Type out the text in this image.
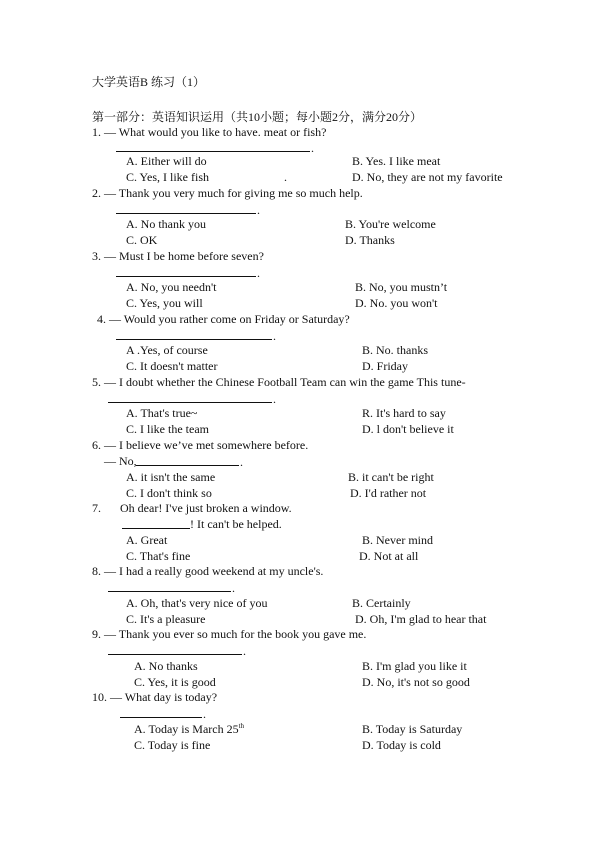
大学英语B 练习（1）
第一部分：英语知识运用（共10小题；每小题2分，满分20分）
1. — What would you like to have. meat or fish?
.
A. Either will do	B. Yes. I like meat
C. Yes, I like fish	.	D. No, they are not my favorite
2. — Thank you very much for giving me so much help.
.
A. No thank you	B. You're welcome
C. OK	D. Thanks
3. — Must I be home before seven?
.
A. No, you needn't	B. No, you mustn’t
C. Yes, you will	D. No. you won't
4. — Would you rather come on Friday or Saturday?
.
A .Yes, of course	B. No. thanks
C. It doesn't matter	D. Friday
5. — I doubt whether the Chinese Football Team can win the game This tune-
.
A. That's true~	R. It's hard to say
C. I like the team	D. l don't believe it
6. — I believe we’ve met somewhere before.
— No,	.
A. it isn't the same	B. it can't be right
C. I don't think so	D. I'd rather not
7. Oh dear! I've just broken a window.
! It can't be helped.
A. Great	B. Never mind
C. That's fine	D. Not at all
8. — I had a really good weekend at my uncle's.
.
A. Oh, that's very nice of you	B. Certainly
C. It's a pleasure	D. Oh, I'm glad to hear that
9. — Thank you ever so much for the book you gave me.
.
A. No thanks	B. I'm glad you like it
C. Yes, it is good	D. No, it's not so good
10. — What day is today?
.
A. Today is March 25th	B. Today is Saturday
C. Today is fine	D. Today is cold
